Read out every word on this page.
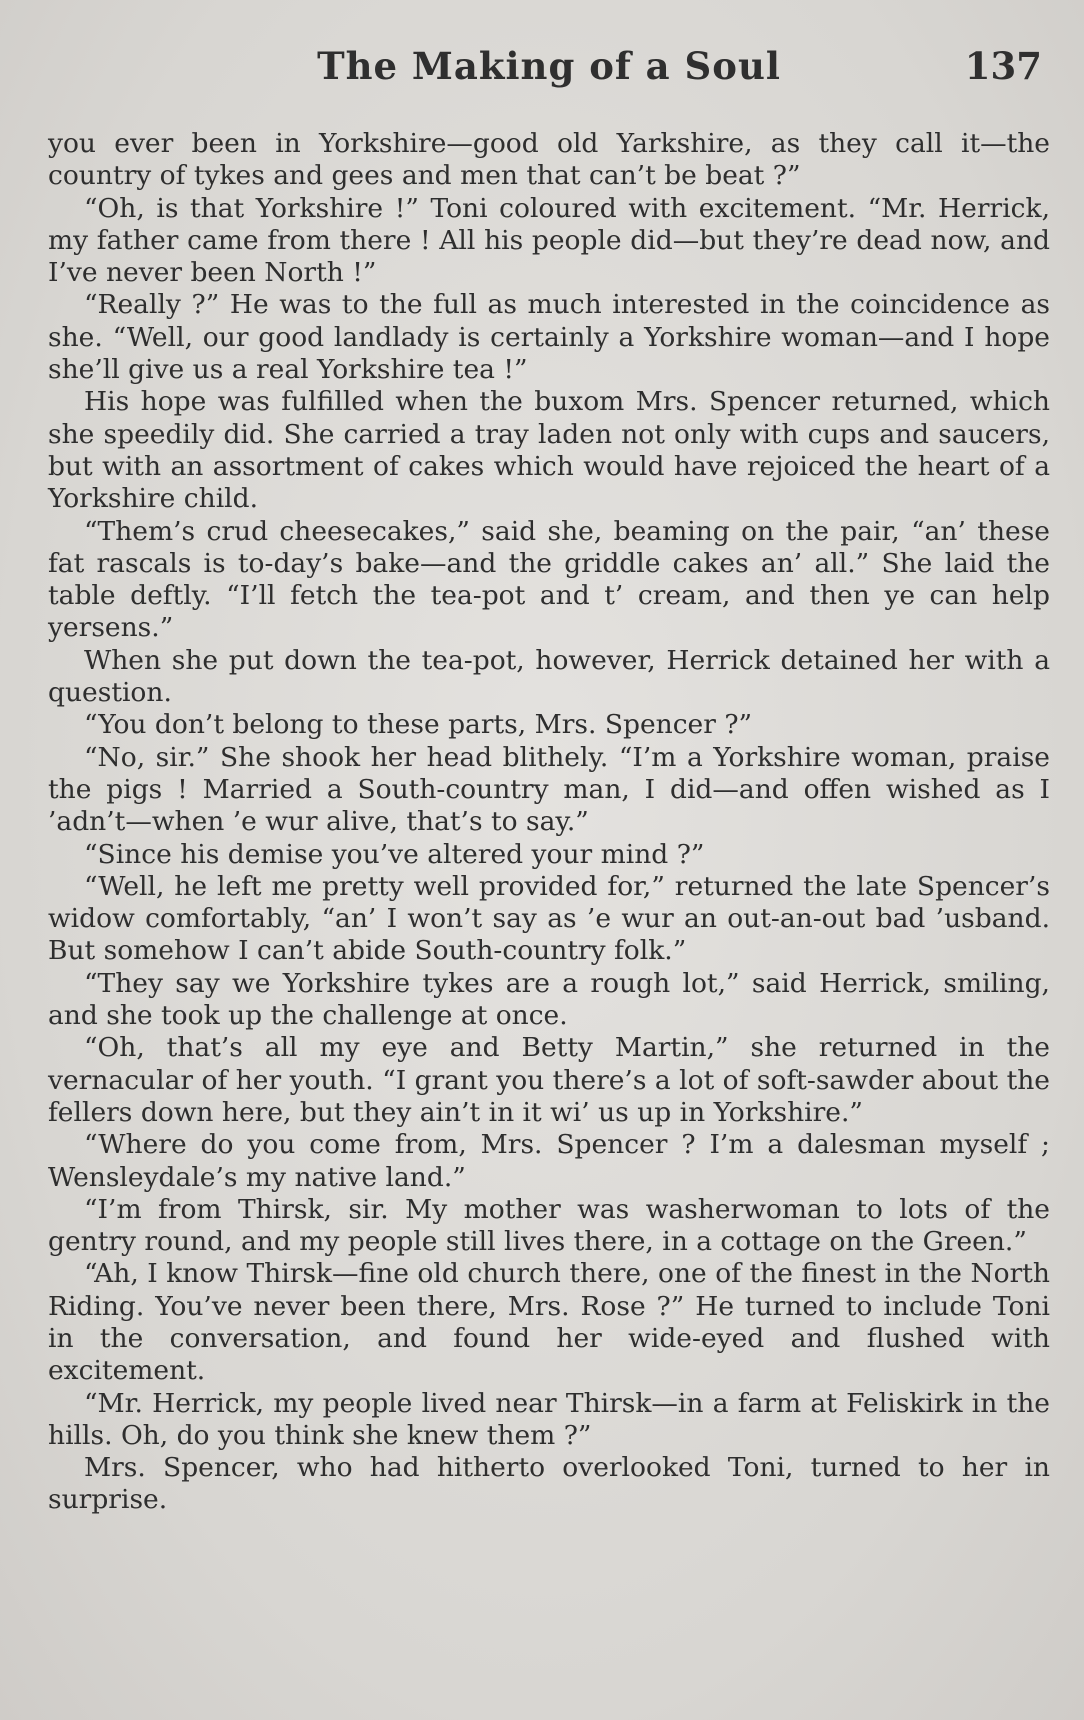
The Making of a Soul	137

you ever been in Yorkshire—good old Yarkshire, as they call it—the country of tykes and gees and men that can’t be beat ?”

“Oh, is that Yorkshire !” Toni coloured with excitement. “Mr. Herrick, my father came from there ! All his people did—but they’re dead now, and I’ve never been North !”

“Really ?” He was to the full as much interested in the coincidence as she. “Well, our good landlady is certainly a Yorkshire woman—and I hope she’ll give us a real Yorkshire tea !”

His hope was fulfilled when the buxom Mrs. Spencer returned, which she speedily did. She carried a tray laden not only with cups and saucers, but with an assortment of cakes which would have rejoiced the heart of a Yorkshire child.

“Them’s crud cheesecakes,” said she, beaming on the pair, “an’ these fat rascals is to-day’s bake—and the griddle cakes an’ all.” She laid the table deftly. “I’ll fetch the tea-pot and t’ cream, and then ye can help yersens.”

When she put down the tea-pot, however, Herrick detained her with a question.

“You don’t belong to these parts, Mrs. Spencer ?”

“No, sir.” She shook her head blithely. “I’m a Yorkshire woman, praise the pigs ! Married a South-country man, I did—and offen wished as I ’adn’t—when ’e wur alive, that’s to say.”

“Since his demise you’ve altered your mind ?”

“Well, he left me pretty well provided for,” returned the late Spencer’s widow comfortably, “an’ I won’t say as ’e wur an out-an-out bad ’usband. But somehow I can’t abide South-country folk.”

“They say we Yorkshire tykes are a rough lot,” said Herrick, smiling, and she took up the challenge at once.

“Oh, that’s all my eye and Betty Martin,” she returned in the vernacular of her youth. “I grant you there’s a lot of soft-sawder about the fellers down here, but they ain’t in it wi’ us up in Yorkshire.”

“Where do you come from, Mrs. Spencer ? I’m a dalesman myself ; Wensleydale’s my native land.”

“I’m from Thirsk, sir. My mother was washerwoman to lots of the gentry round, and my people still lives there, in a cottage on the Green.”

“Ah, I know Thirsk—fine old church there, one of the finest in the North Riding. You’ve never been there, Mrs. Rose ?” He turned to include Toni in the conversation, and found her wide-eyed and flushed with excitement.

“Mr. Herrick, my people lived near Thirsk—in a farm at Feliskirk in the hills. Oh, do you think she knew them ?”

Mrs. Spencer, who had hitherto overlooked Toni, turned to her in surprise.
